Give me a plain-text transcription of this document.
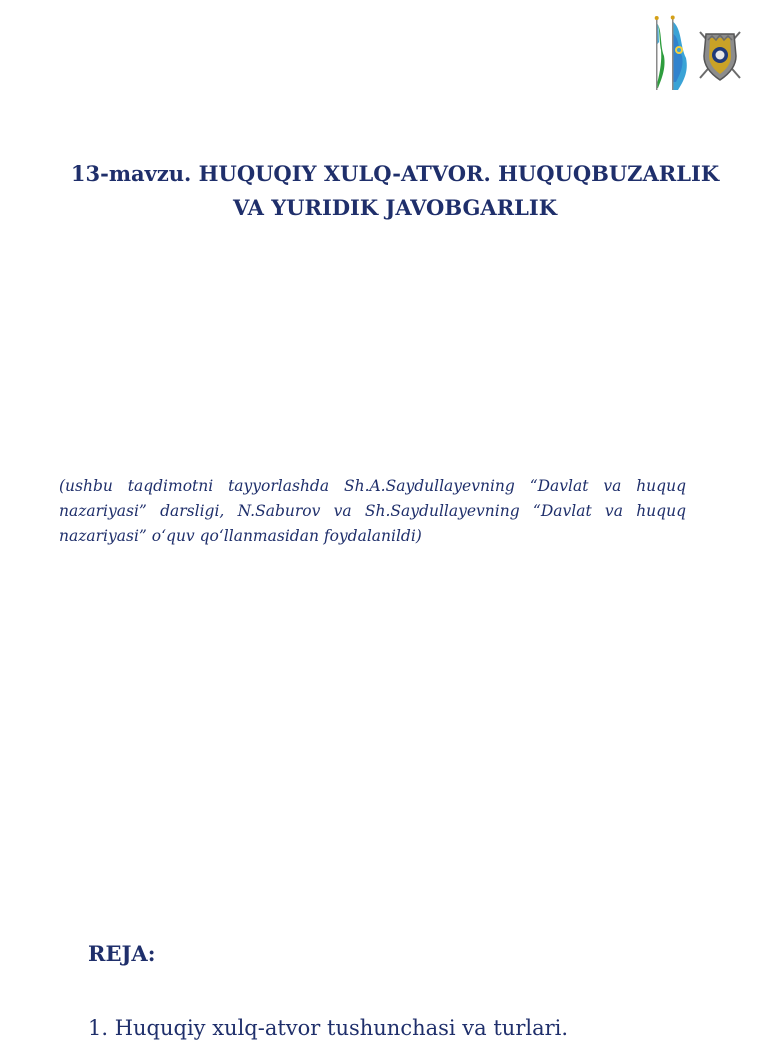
13-mavzu. HUQUQIY XULQ-ATVOR. HUQUQBUZARLIK
VA YURIDIK JAVOBGARLIK

(ushbu taqdimotni tayyorlashda Sh.A.Saydullayevning “Davlat va huquq nazariyasi” darsligi, N.Saburov va Sh.Saydullayevning “Davlat va huquq nazariyasi” o‘quv qo‘llanmasidan foydalanildi)

REJA:
1. Huquqiy xulq-atvor tushunchasi va turlari.
